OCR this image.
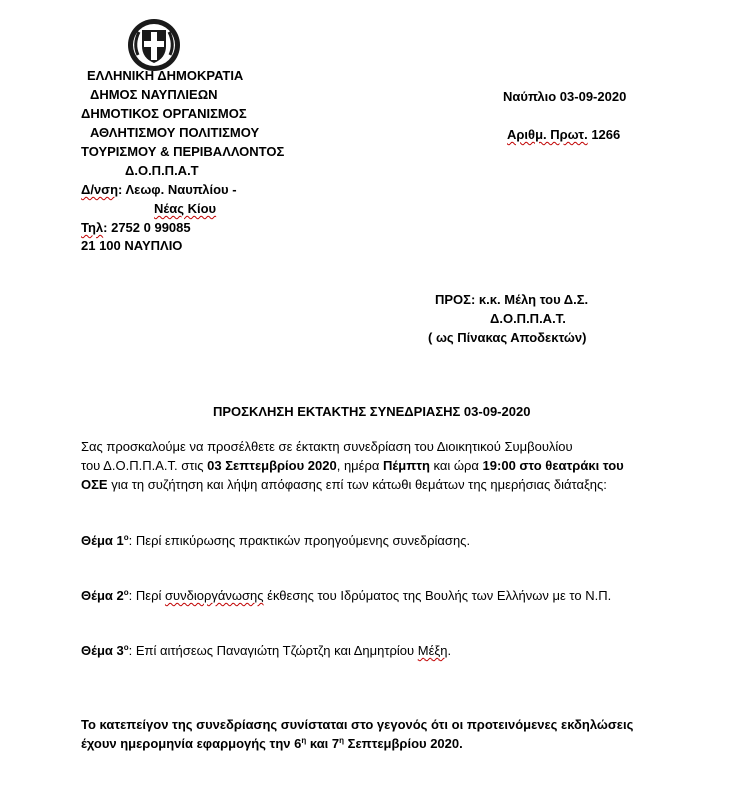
ΕΛΛΗΝΙΚΗ ΔΗΜΟΚΡΑΤΙΑ
ΔΗΜΟΣ ΝΑΥΠΛΙΕΩΝ
ΔΗΜΟΤΙΚΟΣ ΟΡΓΑΝΙΣΜΟΣ
ΑΘΛΗΤΙΣΜΟΥ ΠΟΛΙΤΙΣΜΟΥ
ΤΟΥΡΙΣΜΟΥ & ΠΕΡΙΒΑΛΛΟΝΤΟΣ
Δ.Ο.Π.Π.Α.Τ
Δ/νση: Λεωφ. Ναυπλίου -
Νέας Κίου
Τηλ: 2752 0 99085
21 100 ΝΑΥΠΛΙΟ
Ναύπλιο 03-09-2020
Αριθμ. Πρωτ. 1266
ΠΡΟΣ: κ.κ. Μέλη του Δ.Σ.
Δ.Ο.Π.Π.Α.Τ.
( ως Πίνακας Αποδεκτών)
ΠΡΟΣΚΛΗΣΗ ΕΚΤΑΚΤΗΣ ΣΥΝΕΔΡΙΑΣΗΣ 03-09-2020
Σας προσκαλούμε να προσέλθετε σε έκτακτη συνεδρίαση του Διοικητικού Συμβουλίου
του Δ.Ο.Π.Π.Α.Τ. στις 03 Σεπτεμβρίου 2020, ημέρα Πέμπτη και ώρα 19:00 στο θεατράκι του
ΟΣΕ για τη συζήτηση και λήψη απόφασης επί των κάτωθι θεμάτων της ημερήσιας διάταξης:
Θέμα $1^o$: Περί επικύρωσης πρακτικών προηγούμενης συνεδρίασης.
Θέμα $2^o$: Περί συνδιοργάνωσης έκθεσης του Ιδρύματος της Βουλής των Ελλήνων με το Ν.Π.
Θέμα $3^o$: Επί αιτήσεως Παναγιώτη Τζώρτζη και Δημητρίου Μέξη.
Το κατεπείγον της συνεδρίασης συνίσταται στο γεγονός ότι οι προτεινόμενες εκδηλώσεις
έχουν ημερομηνία εφαρμογής την $6^\eta$ και $7^\eta$ Σεπτεμβρίου 2020.
